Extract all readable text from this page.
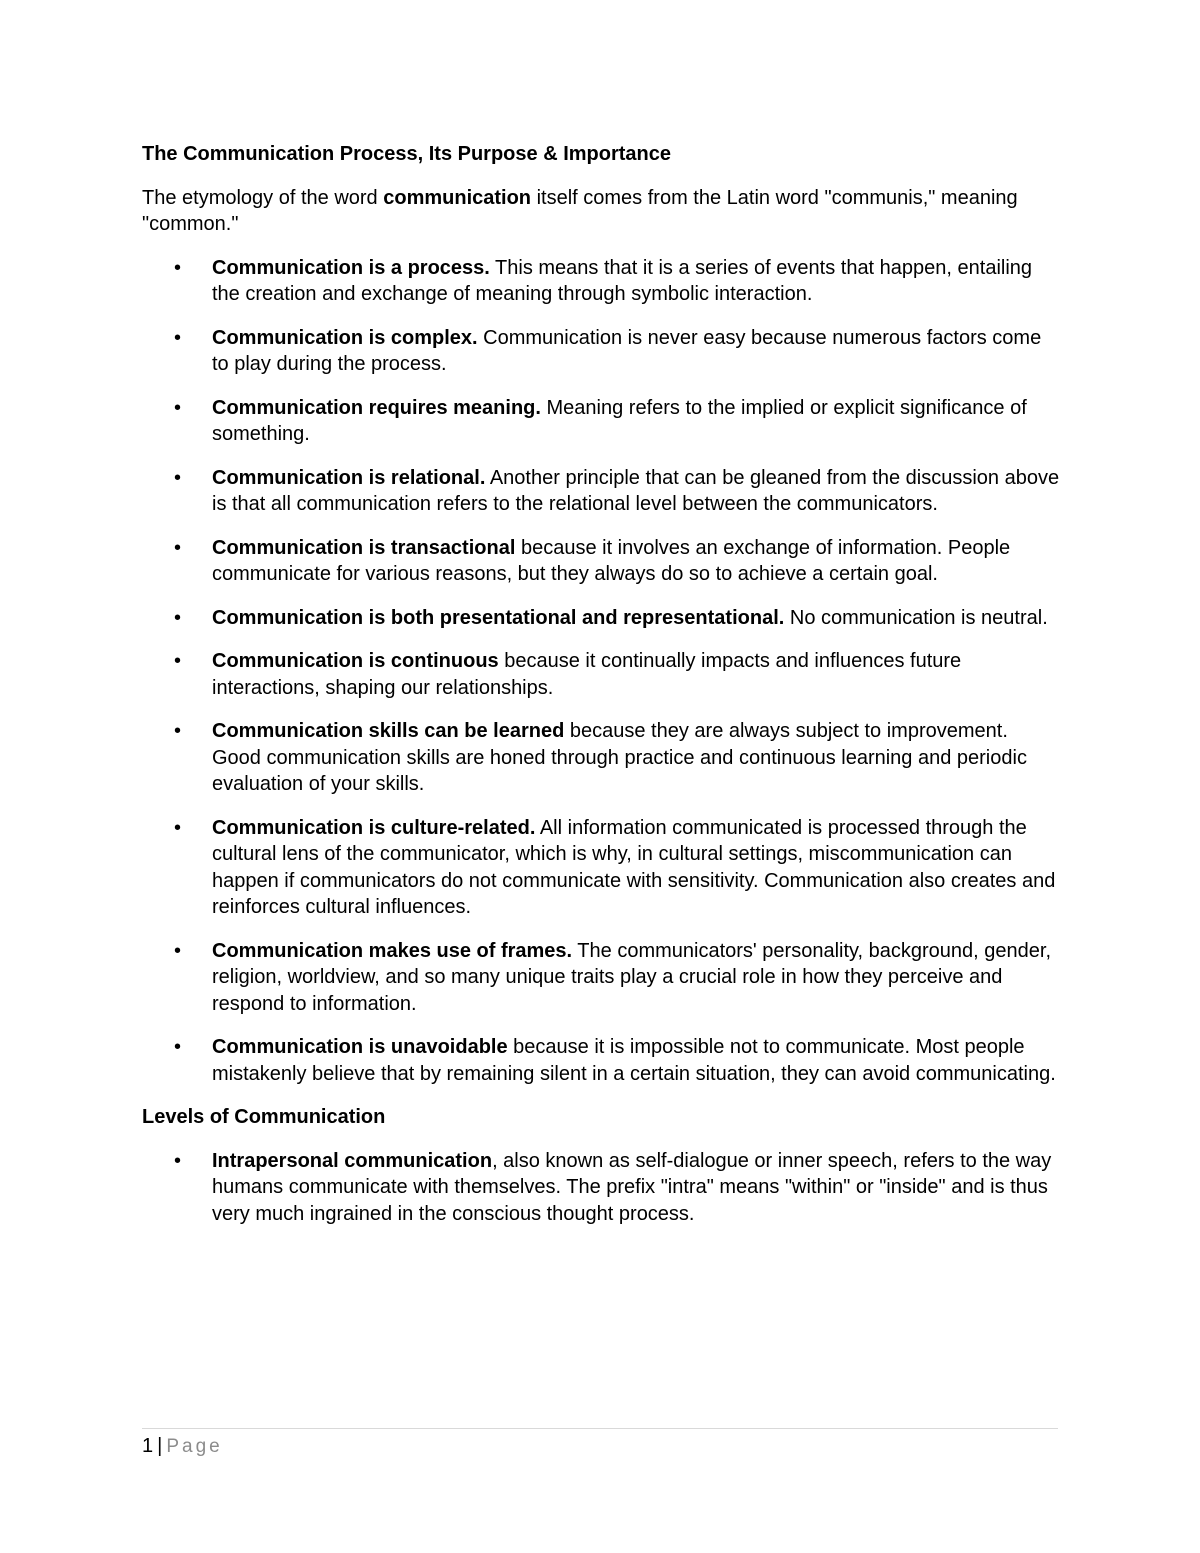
The Communication Process, Its Purpose & Importance

The etymology of the word communication itself comes from the Latin word "communis," meaning "common."

• Communication is a process. This means that it is a series of events that happen, entailing the creation and exchange of meaning through symbolic interaction.
• Communication is complex. Communication is never easy because numerous factors come to play during the process.
• Communication requires meaning. Meaning refers to the implied or explicit significance of something.
• Communication is relational. Another principle that can be gleaned from the discussion above is that all communication refers to the relational level between the communicators.
• Communication is transactional because it involves an exchange of information. People communicate for various reasons, but they always do so to achieve a certain goal.
• Communication is both presentational and representational. No communication is neutral.
• Communication is continuous because it continually impacts and influences future interactions, shaping our relationships.
• Communication skills can be learned because they are always subject to improvement. Good communication skills are honed through practice and continuous learning and periodic evaluation of your skills.
• Communication is culture-related. All information communicated is processed through the cultural lens of the communicator, which is why, in cultural settings, miscommunication can happen if communicators do not communicate with sensitivity. Communication also creates and reinforces cultural influences.
• Communication makes use of frames. The communicators' personality, background, gender, religion, worldview, and so many unique traits play a crucial role in how they perceive and respond to information.
• Communication is unavoidable because it is impossible not to communicate. Most people mistakenly believe that by remaining silent in a certain situation, they can avoid communicating.
Levels of Communication
• Intrapersonal communication, also known as self-dialogue or inner speech, refers to the way humans communicate with themselves. The prefix "intra" means "within" or "inside" and is thus very much ingrained in the conscious thought process.
1 | Page
